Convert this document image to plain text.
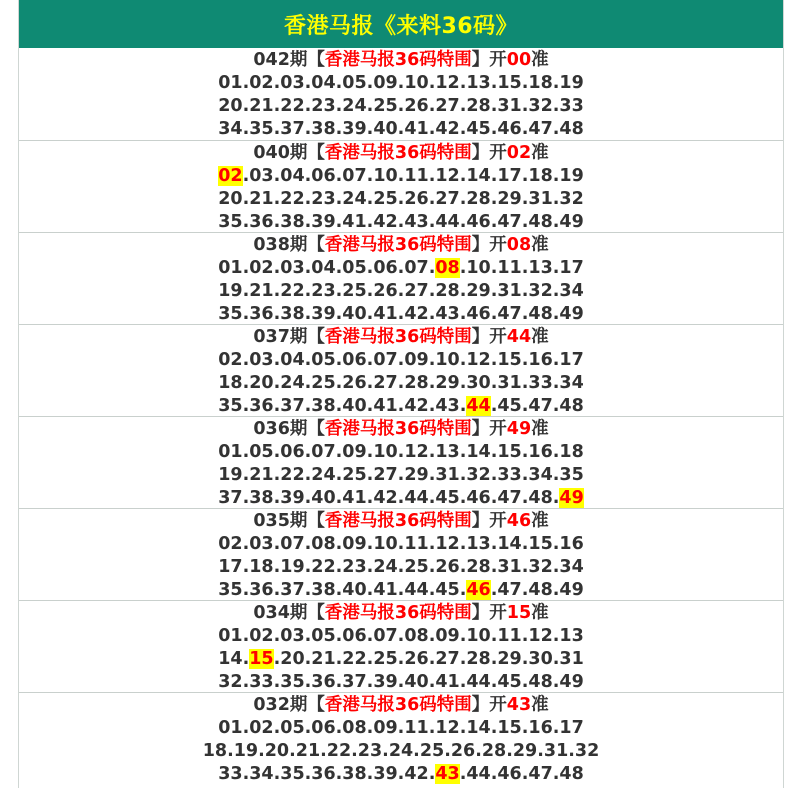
香港马报《来料36码》
042期【香港马报36码特围】开00准
01.02.03.04.05.09.10.12.13.15.18.19
20.21.22.23.24.25.26.27.28.31.32.33
34.35.37.38.39.40.41.42.45.46.47.48
040期【香港马报36码特围】开02准
02.03.04.06.07.10.11.12.14.17.18.19
20.21.22.23.24.25.26.27.28.29.31.32
35.36.38.39.41.42.43.44.46.47.48.49
038期【香港马报36码特围】开08准
01.02.03.04.05.06.07.08.10.11.13.17
19.21.22.23.25.26.27.28.29.31.32.34
35.36.38.39.40.41.42.43.46.47.48.49
037期【香港马报36码特围】开44准
02.03.04.05.06.07.09.10.12.15.16.17
18.20.24.25.26.27.28.29.30.31.33.34
35.36.37.38.40.41.42.43.44.45.47.48
036期【香港马报36码特围】开49准
01.05.06.07.09.10.12.13.14.15.16.18
19.21.22.24.25.27.29.31.32.33.34.35
37.38.39.40.41.42.44.45.46.47.48.49
035期【香港马报36码特围】开46准
02.03.07.08.09.10.11.12.13.14.15.16
17.18.19.22.23.24.25.26.28.31.32.34
35.36.37.38.40.41.44.45.46.47.48.49
034期【香港马报36码特围】开15准
01.02.03.05.06.07.08.09.10.11.12.13
14.15.20.21.22.25.26.27.28.29.30.31
32.33.35.36.37.39.40.41.44.45.48.49
032期【香港马报36码特围】开43准
01.02.05.06.08.09.11.12.14.15.16.17
18.19.20.21.22.23.24.25.26.28.29.31.32
33.34.35.36.38.39.42.43.44.46.47.48
